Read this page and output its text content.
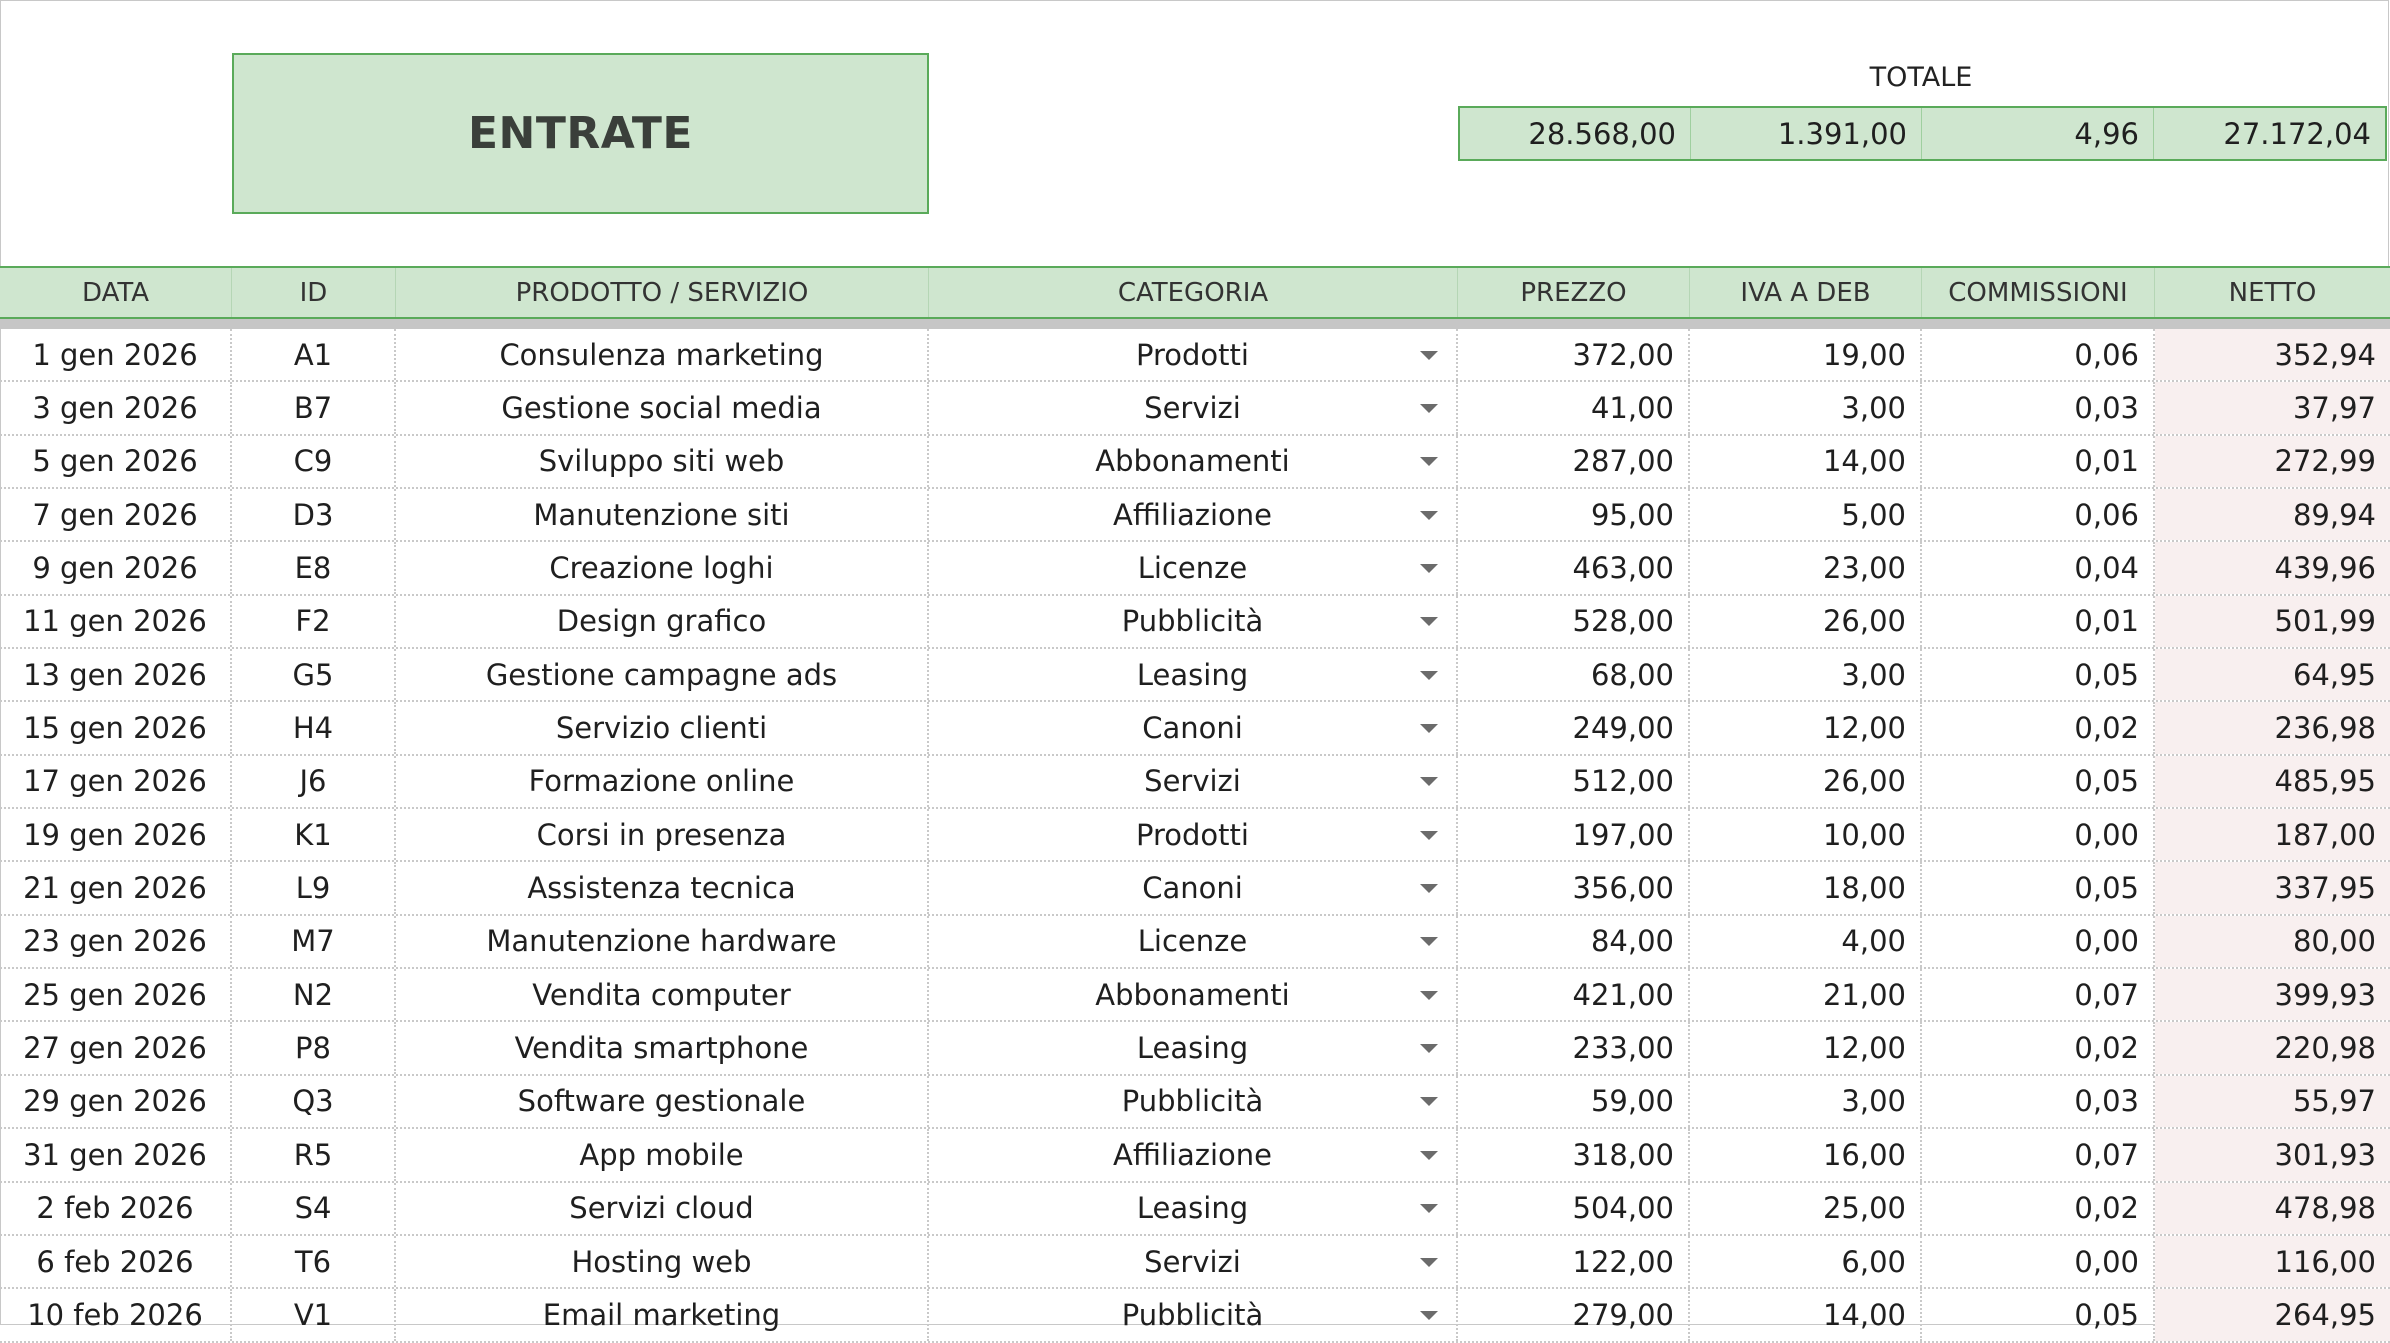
ENTRATE
TOTALE
28.568,00	1.391,00	4,96	27.172,04
DATA	ID	PRODOTTO / SERVIZIO	CATEGORIA	PREZZO	IVA A DEB	COMMISSIONI	NETTO
1 gen 2026	A1	Consulenza marketing	Prodotti	372,00	19,00	0,06	352,94
3 gen 2026	B7	Gestione social media	Servizi	41,00	3,00	0,03	37,97
5 gen 2026	C9	Sviluppo siti web	Abbonamenti	287,00	14,00	0,01	272,99
7 gen 2026	D3	Manutenzione siti	Affiliazione	95,00	5,00	0,06	89,94
9 gen 2026	E8	Creazione loghi	Licenze	463,00	23,00	0,04	439,96
11 gen 2026	F2	Design grafico	Pubblicità	528,00	26,00	0,01	501,99
13 gen 2026	G5	Gestione campagne ads	Leasing	68,00	3,00	0,05	64,95
15 gen 2026	H4	Servizio clienti	Canoni	249,00	12,00	0,02	236,98
17 gen 2026	J6	Formazione online	Servizi	512,00	26,00	0,05	485,95
19 gen 2026	K1	Corsi in presenza	Prodotti	197,00	10,00	0,00	187,00
21 gen 2026	L9	Assistenza tecnica	Canoni	356,00	18,00	0,05	337,95
23 gen 2026	M7	Manutenzione hardware	Licenze	84,00	4,00	0,00	80,00
25 gen 2026	N2	Vendita computer	Abbonamenti	421,00	21,00	0,07	399,93
27 gen 2026	P8	Vendita smartphone	Leasing	233,00	12,00	0,02	220,98
29 gen 2026	Q3	Software gestionale	Pubblicità	59,00	3,00	0,03	55,97
31 gen 2026	R5	App mobile	Affiliazione	318,00	16,00	0,07	301,93
2 feb 2026	S4	Servizi cloud	Leasing	504,00	25,00	0,02	478,98
6 feb 2026	T6	Hosting web	Servizi	122,00	6,00	0,00	116,00
10 feb 2026	V1	Email marketing	Pubblicità	279,00	14,00	0,05	264,95
